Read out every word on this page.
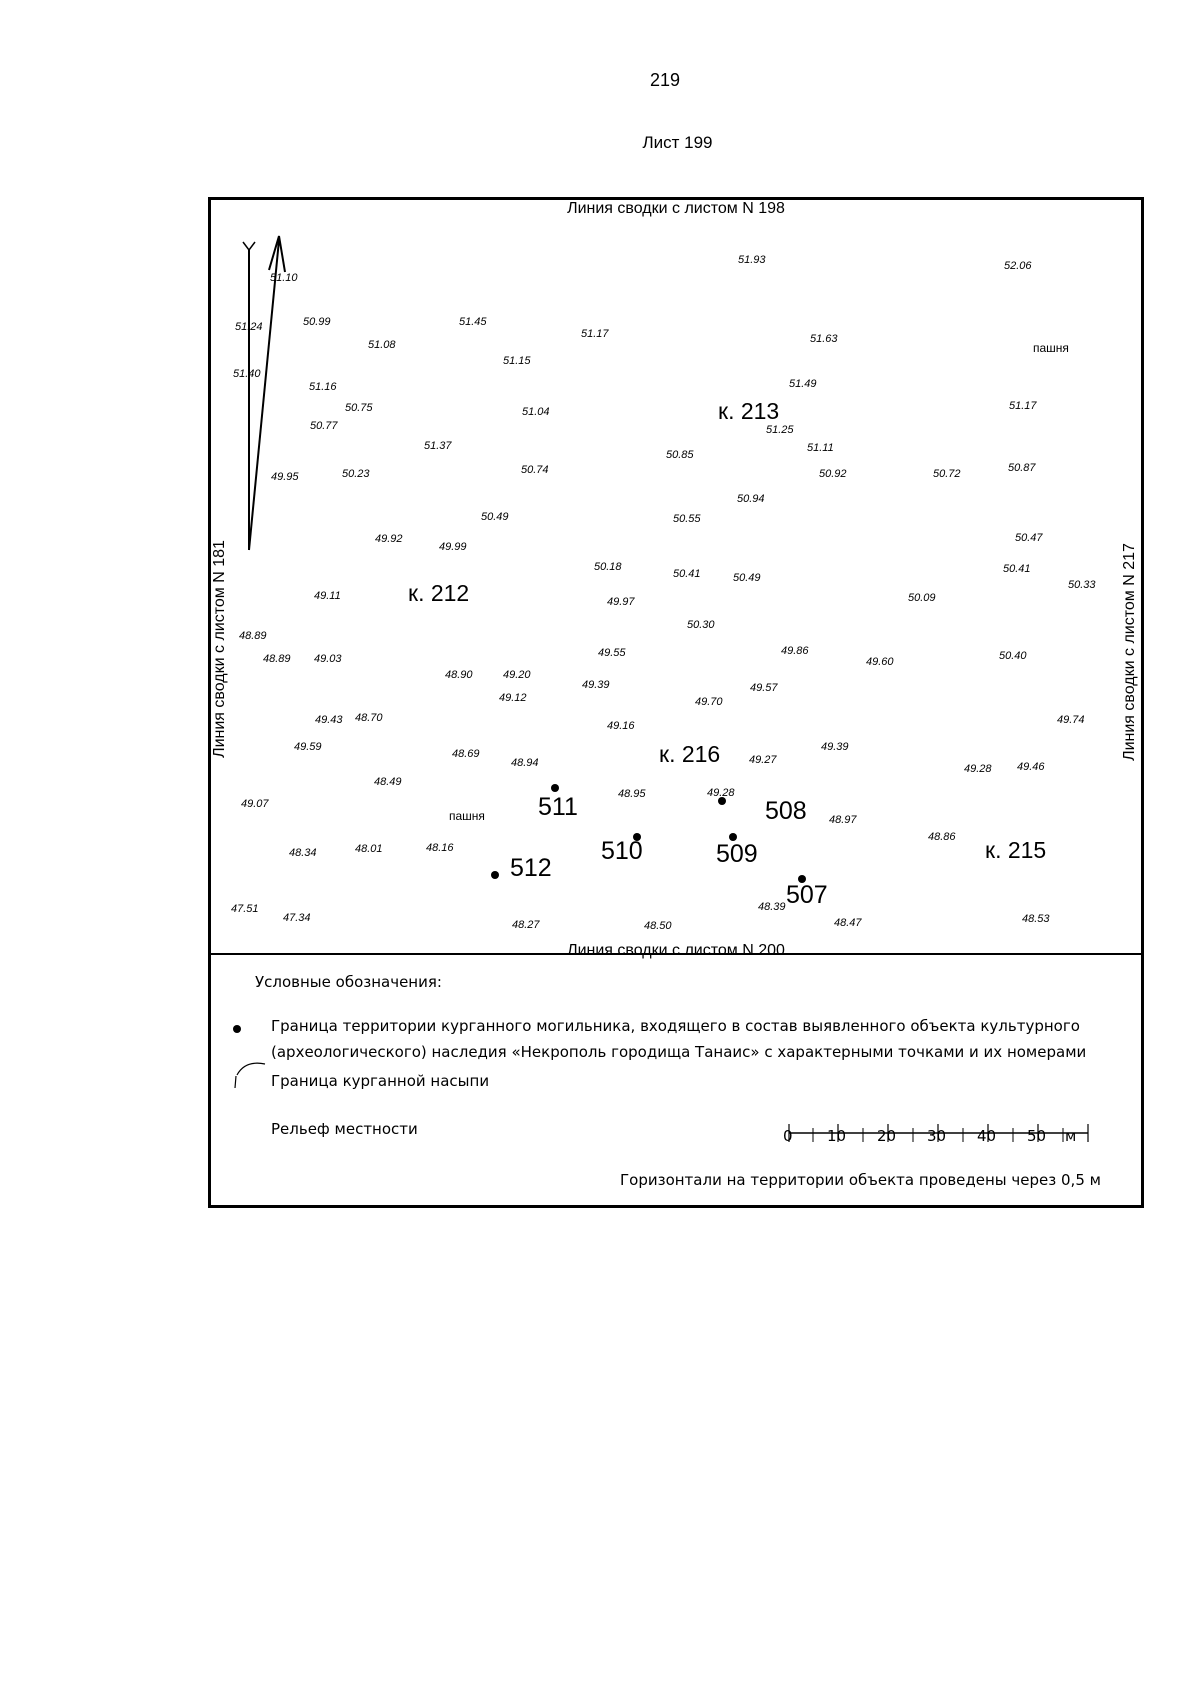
219
Лист 199
Линия сводки с листом N 198
Линия сводки с листом N 181	Линия сводки с листом N 217
Линия сводки с листом N 200
51.10
51.93	52.06
51.24	50.99	51.45
51.17	51.63
51.08
51.15
51.40
51.49
51.16
50.75	51.04	51.17
50.77	51.25
51.37	51.11
50.85
50.74	50.87
49.95	50.23	50.92	50.72
50.94
50.49	50.55
49.92
49.99
50.47
50.18
50.41	50.49
50.41
50.33
49.11	49.97	50.09
48.89
50.30
49.55	49.86
48.89 49.03	49.60	50.40
48.90	49.20
49.39	49.57
49.12	49.70
49.43 48.70
49.16	49.74
49.59
48.69
48.94	49.27
49.39
49.28 49.46
48.49
48.95	49.28
49.07
48.97
48.86
48.34	48.01	48.16
48.39
47.34
48.27	48.50	48.47	48.53
47.51
к. 213
к. 212
к. 216
к. 215
511	508
510	509
512
507
пашня
пашня
Условные обозначения:
Граница территории курганного могильника, входящего в состав выявленного объекта культурного
(археологического) наследия «Некрополь городища Танаис» с характерными точками и их номерами
Граница курганной насыпи
Рельеф местности	0 10 20 30 40 50 м
Горизонтали на территории объекта проведены через 0,5 м
